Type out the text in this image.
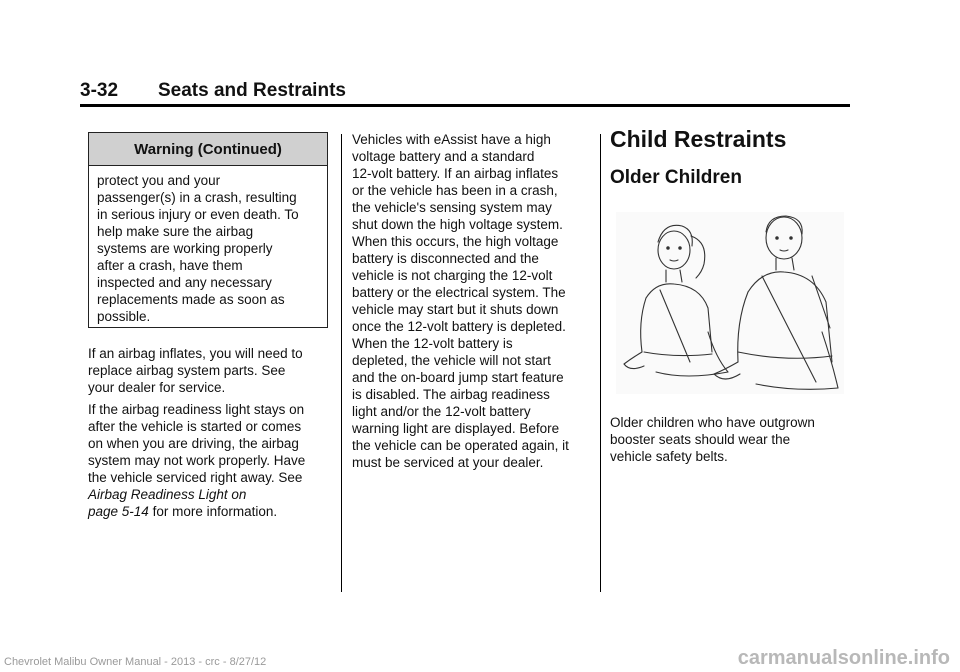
3-32 Seats and Restraints
Warning (Continued)
protect you and your
passenger(s) in a crash, resulting
in serious injury or even death. To
help make sure the airbag
systems are working properly
after a crash, have them
inspected and any necessary
replacements made as soon as
possible.
If an airbag inflates, you will need to
replace airbag system parts. See
your dealer for service.
If the airbag readiness light stays on
after the vehicle is started or comes
on when you are driving, the airbag
system may not work properly. Have
the vehicle serviced right away. See
Airbag Readiness Light on
page 5-14 for more information.
Vehicles with eAssist have a high
voltage battery and a standard
12-volt battery. If an airbag inflates
or the vehicle has been in a crash,
the vehicle's sensing system may
shut down the high voltage system.
When this occurs, the high voltage
battery is disconnected and the
vehicle is not charging the 12-volt
battery or the electrical system. The
vehicle may start but it shuts down
once the 12-volt battery is depleted.
When the 12-volt battery is
depleted, the vehicle will not start
and the on-board jump start feature
is disabled. The airbag readiness
light and/or the 12-volt battery
warning light are displayed. Before
the vehicle can be operated again, it
must be serviced at your dealer.
Child Restraints
Older Children
Older children who have outgrown
booster seats should wear the
vehicle safety belts.
Chevrolet Malibu Owner Manual - 2013 - crc - 8/27/12	carmanualsonline.info
